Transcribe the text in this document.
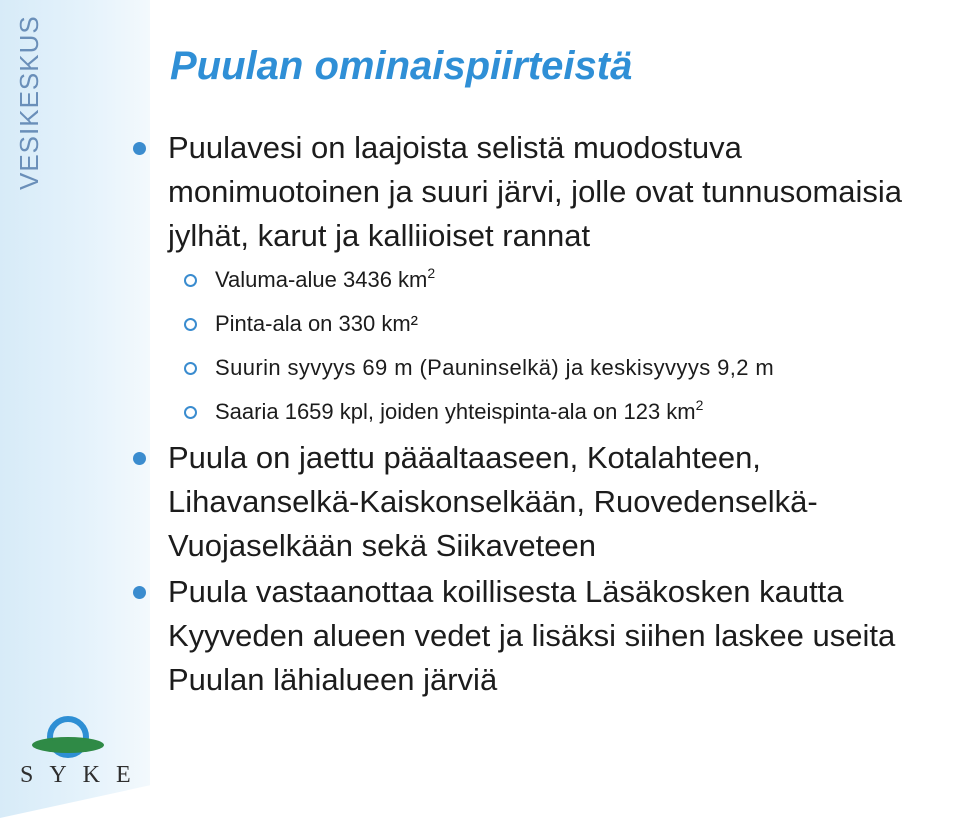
VESIKESKUS
SYKE
Puulan ominaispiirteistä
Puulavesi on laajoista selistä muodostuva monimuotoinen ja suuri järvi, jolle ovat tunnusomaisia jylhät, karut ja kalliioiset rannat
Valuma-alue 3436 $km^2$
Pinta-ala on 330 km²
Suurin syvyys 69 m (Pauninselkä) ja keskisyvyys 9,2 m
Saaria 1659 kpl, joiden yhteispinta-ala on 123 $km^2$
Puula on jaettu pääaltaaseen, Kotalahteen, Lihavanselkä-Kaiskonselkään, Ruovedenselkä-Vuojaselkään sekä Siikaveteen
Puula vastaanottaa koillisesta Läsäkosken kautta Kyyveden alueen vedet ja lisäksi siihen laskee useita Puulan lähialueen järviä
